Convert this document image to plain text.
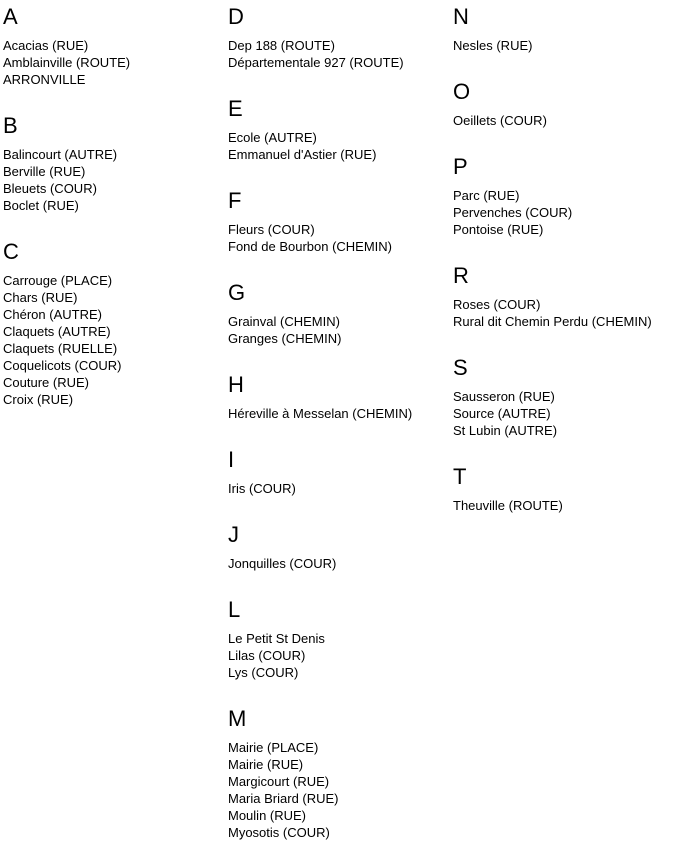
A
Acacias (RUE)
Amblainville (ROUTE)
ARRONVILLE
B
Balincourt (AUTRE)
Berville (RUE)
Bleuets (COUR)
Boclet (RUE)
C
Carrouge (PLACE)
Chars (RUE)
Chéron (AUTRE)
Claquets (AUTRE)
Claquets (RUELLE)
Coquelicots (COUR)
Couture (RUE)
Croix (RUE)
D
Dep 188 (ROUTE)
Départementale 927 (ROUTE)
E
Ecole (AUTRE)
Emmanuel d'Astier (RUE)
F
Fleurs (COUR)
Fond de Bourbon (CHEMIN)
G
Grainval (CHEMIN)
Granges (CHEMIN)
H
Héreville à Messelan (CHEMIN)
I
Iris (COUR)
J
Jonquilles (COUR)
L
Le Petit St Denis
Lilas (COUR)
Lys (COUR)
M
Mairie (PLACE)
Mairie (RUE)
Margicourt (RUE)
Maria Briard (RUE)
Moulin (RUE)
Myosotis (COUR)
N
Nesles (RUE)
O
Oeillets (COUR)
P
Parc (RUE)
Pervenches (COUR)
Pontoise (RUE)
R
Roses (COUR)
Rural dit Chemin Perdu (CHEMIN)
S
Sausseron (RUE)
Source (AUTRE)
St Lubin (AUTRE)
T
Theuville (ROUTE)
